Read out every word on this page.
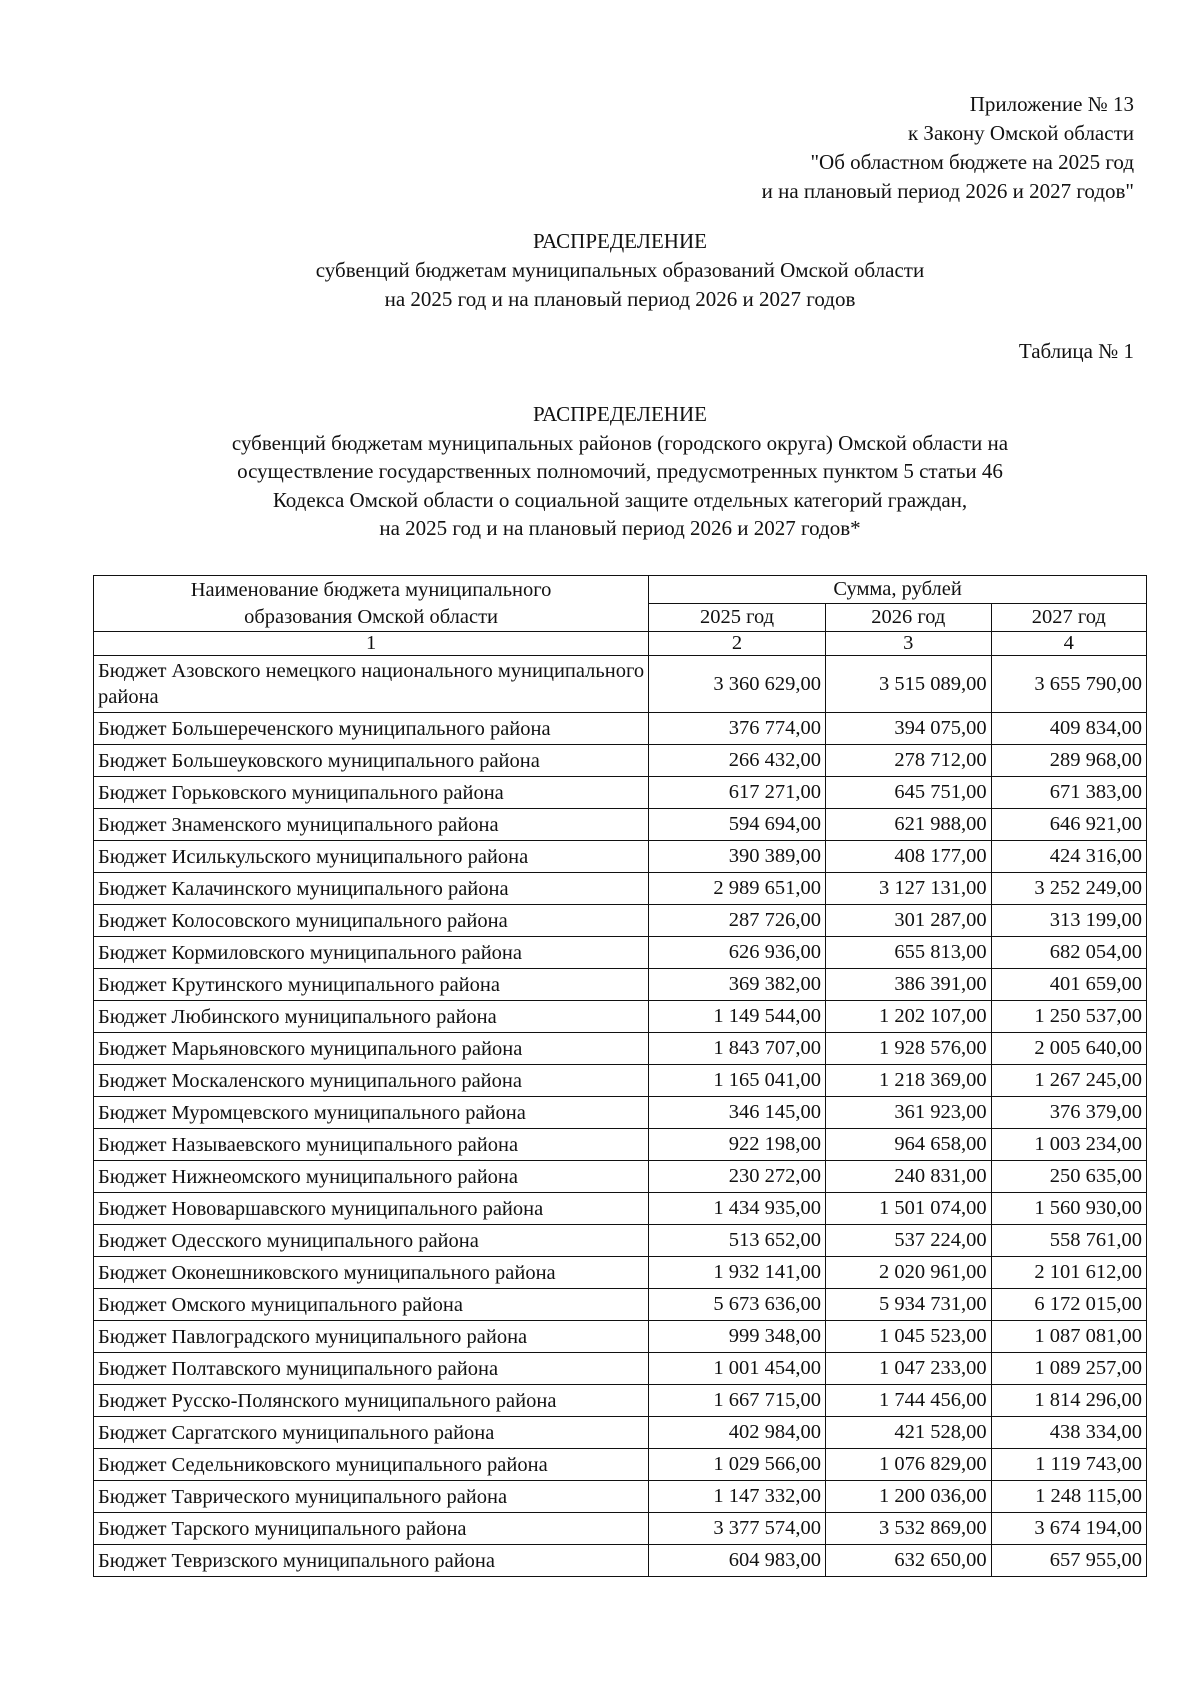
Приложение № 13
к Закону Омской области
"Об областном бюджете на 2025 год
и на плановый период 2026 и 2027 годов"
РАСПРЕДЕЛЕНИЕ
субвенций бюджетам муниципальных образований Омской области
на 2025 год и на плановый период 2026 и 2027 годов
Таблица № 1
РАСПРЕДЕЛЕНИЕ
субвенций бюджетам муниципальных районов (городского округа) Омской области на
осуществление государственных полномочий, предусмотренных пунктом 5 статьи 46
Кодекса Омской области о социальной защите отдельных категорий граждан,
на 2025 год и на плановый период 2026 и 2027 годов*
Наименование бюджета муниципального
образования Омской области	Сумма, рублей		
	2025 год	2026 год	2027 год
1	2	3	4
Бюджет Азовского немецкого национального муниципального района	3 360 629,00	3 515 089,00	3 655 790,00
Бюджет Большереченского муниципального района	376 774,00	394 075,00	409 834,00
Бюджет Большеуковского муниципального района	266 432,00	278 712,00	289 968,00
Бюджет Горьковского муниципального района	617 271,00	645 751,00	671 383,00
Бюджет Знаменского муниципального района	594 694,00	621 988,00	646 921,00
Бюджет Исилькульского муниципального района	390 389,00	408 177,00	424 316,00
Бюджет Калачинского муниципального района	2 989 651,00	3 127 131,00	3 252 249,00
Бюджет Колосовского муниципального района	287 726,00	301 287,00	313 199,00
Бюджет Кормиловского муниципального района	626 936,00	655 813,00	682 054,00
Бюджет Крутинского муниципального района	369 382,00	386 391,00	401 659,00
Бюджет Любинского муниципального района	1 149 544,00	1 202 107,00	1 250 537,00
Бюджет Марьяновского муниципального района	1 843 707,00	1 928 576,00	2 005 640,00
Бюджет Москаленского муниципального района	1 165 041,00	1 218 369,00	1 267 245,00
Бюджет Муромцевского муниципального района	346 145,00	361 923,00	376 379,00
Бюджет Называевского муниципального района	922 198,00	964 658,00	1 003 234,00
Бюджет Нижнеомского муниципального района	230 272,00	240 831,00	250 635,00
Бюджет Нововаршавского муниципального района	1 434 935,00	1 501 074,00	1 560 930,00
Бюджет Одесского муниципального района	513 652,00	537 224,00	558 761,00
Бюджет Оконешниковского муниципального района	1 932 141,00	2 020 961,00	2 101 612,00
Бюджет Омского муниципального района	5 673 636,00	5 934 731,00	6 172 015,00
Бюджет Павлоградского муниципального района	999 348,00	1 045 523,00	1 087 081,00
Бюджет Полтавского муниципального района	1 001 454,00	1 047 233,00	1 089 257,00
Бюджет Русско-Полянского муниципального района	1 667 715,00	1 744 456,00	1 814 296,00
Бюджет Саргатского муниципального района	402 984,00	421 528,00	438 334,00
Бюджет Седельниковского муниципального района	1 029 566,00	1 076 829,00	1 119 743,00
Бюджет Таврического муниципального района	1 147 332,00	1 200 036,00	1 248 115,00
Бюджет Тарского муниципального района	3 377 574,00	3 532 869,00	3 674 194,00
Бюджет Тевризского муниципального района	604 983,00	632 650,00	657 955,00
